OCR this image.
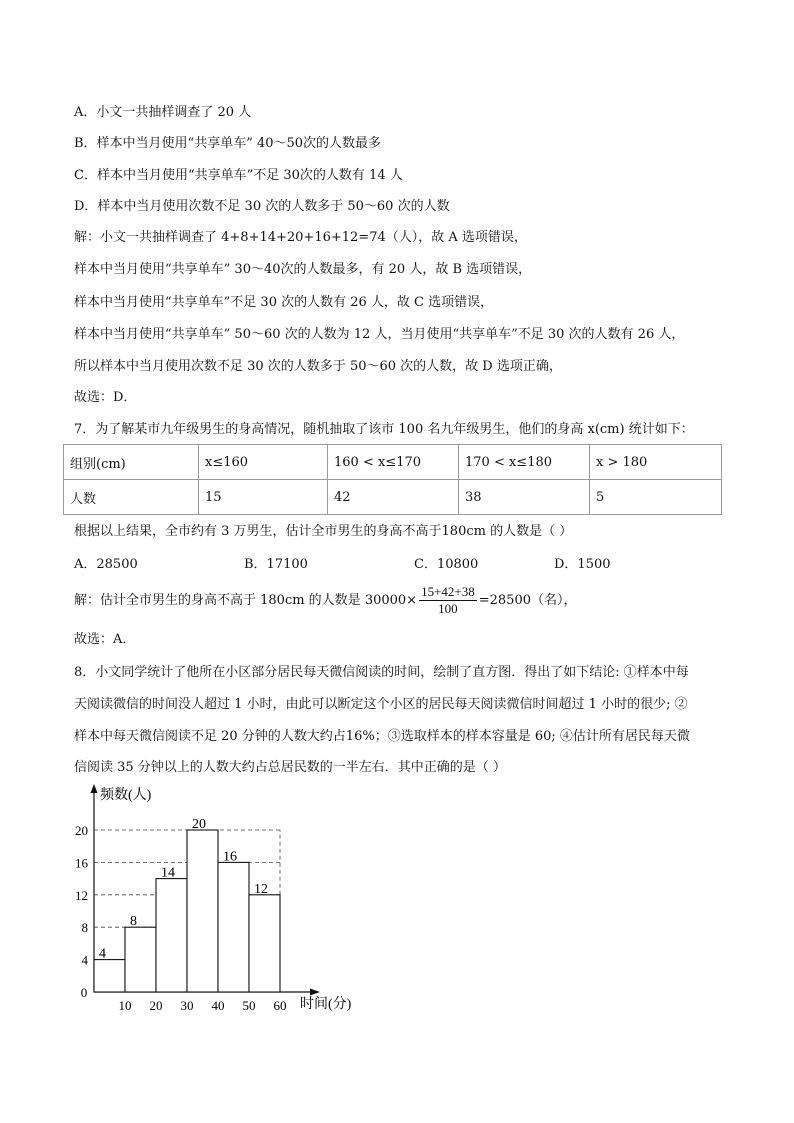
A．小文一共抽样调查了 20 人
B．样本中当月使用“共享单车” 40～50次的人数最多
C．样本中当月使用“共享单车”不足 30次的人数有 14 人
D．样本中当月使用次数不足 30 次的人数多于 50～60 次的人数
解：小文一共抽样调查了 4+8+14+20+16+12=74（人），故 A 选项错误，
样本中当月使用“共享单车” 30～40次的人数最多，有 20 人，故 B 选项错误，
样本中当月使用“共享单车”不足 30 次的人数有 26 人，故 C 选项错误，
样本中当月使用“共享单车” 50～60 次的人数为 12 人，当月使用“共享单车”不足 30 次的人数有 26 人，
所以样本中当月使用次数不足 30 次的人数多于 50～60 次的人数，故 D 选项正确，
故选：D．
7．为了解某市九年级男生的身高情况，随机抽取了该市 100 名九年级男生，他们的身高 x(cm) 统计如下：
组别(cm)	x≤160	160 < x≤170	170 < x≤180	x > 180
人数	15	42	38	5
根据以上结果，全市约有 3 万男生，估计全市男生的身高不高于180cm 的人数是（ ）
A．28500	B．17100	C．10800	D．1500
解：估计全市男生的身高不高于 180cm 的人数是 $30000\times \frac{15+42+38}{100} =28500$（名），
故选：A．
8．小文同学统计了他所在小区部分居民每天微信阅读的时间，绘制了直方图．得出了如下结论: ①样本中每
天阅读微信的时间没人超过 1 小时，由此可以断定这个小区的居民每天阅读微信时间超过 1 小时的很少; ②
样本中每天微信阅读不足 20 分钟的人数大约占16%；③选取样本的样本容量是 60; ④估计所有居民每天微
信阅读 35 分钟以上的人数大约占总居民数的一半左右．其中正确的是（ ）
频数(人)
时间(分)
0
4
8
12
16
20
4
8
14
20
16
12
10 20 30 40 50 60
